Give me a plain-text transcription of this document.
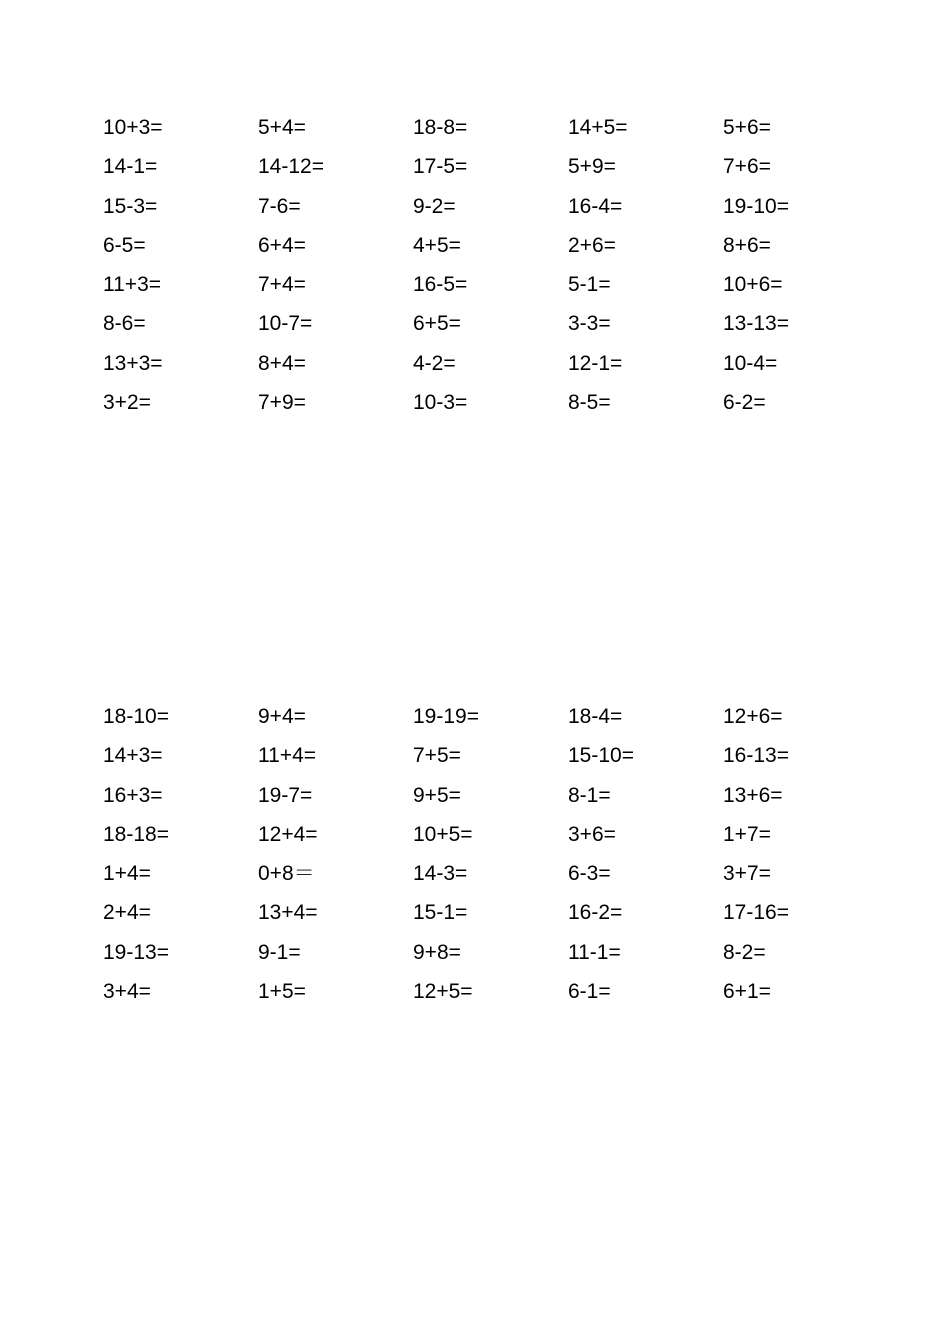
10+3=	5+4=	18-8=	14+5=	5+6=
14-1=	14-12=	17-5=	5+9=	7+6=
15-3=	7-6=	9-2=	16-4=	19-10=
6-5=	6+4=	4+5=	2+6=	8+6=
11+3=	7+4=	16-5=	5-1=	10+6=
8-6=	10-7=	6+5=	3-3=	13-13=
13+3=	8+4=	4-2=	12-1=	10-4=
3+2=	7+9=	10-3=	8-5=	6-2=
18-10=	9+4=	19-19=	18-4=	12+6=
14+3=	11+4=	7+5=	15-10=	16-13=
16+3=	19-7=	9+5=	8-1=	13+6=
18-18=	12+4=	10+5=	3+6=	1+7=
1+4=	0+8＝	14-3=	6-3=	3+7=
2+4=	13+4=	15-1=	16-2=	17-16=
19-13=	9-1=	9+8=	11-1=	8-2=
3+4=	1+5=	12+5=	6-1=	6+1=
